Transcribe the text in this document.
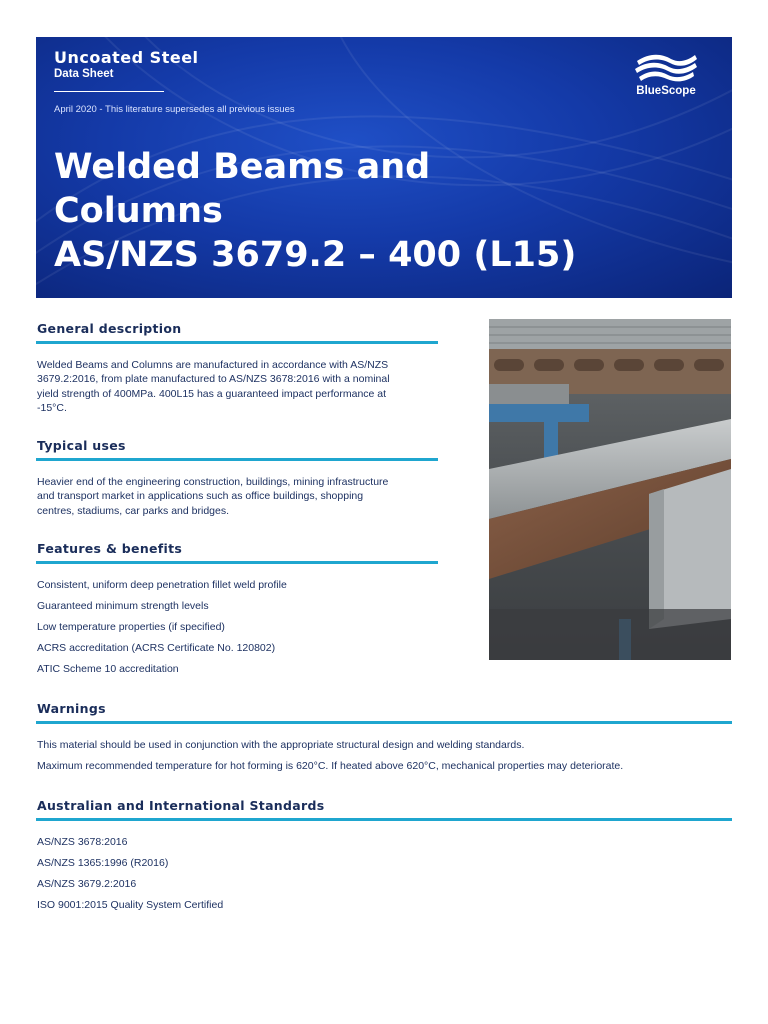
Uncoated Steel
Data Sheet
April 2020 - This literature supersedes all previous issues
Welded Beams and
Columns
AS/NZS 3679.2 – 400 (L15)
BlueScope
General description
Welded Beams and Columns are manufactured in accordance with AS/NZS
3679.2:2016, from plate manufactured to AS/NZS 3678:2016 with a nominal
yield strength of 400MPa. 400L15 has a guaranteed impact performance at
-15°C.
Typical uses
Heavier end of the engineering construction, buildings, mining infrastructure
and transport market in applications such as office buildings, shopping
centres, stadiums, car parks and bridges.
Features & benefits
Consistent, uniform deep penetration fillet weld profile
Guaranteed minimum strength levels
Low temperature properties (if specified)
ACRS accreditation (ACRS Certificate No. 120802)
ATIC Scheme 10 accreditation
Warnings
This material should be used in conjunction with the appropriate structural design and welding standards.
Maximum recommended temperature for hot forming is 620°C. If heated above 620°C, mechanical properties may deteriorate.
Australian and International Standards
AS/NZS 3678:2016
AS/NZS 1365:1996 (R2016)
AS/NZS 3679.2:2016
ISO 9001:2015 Quality System Certified
